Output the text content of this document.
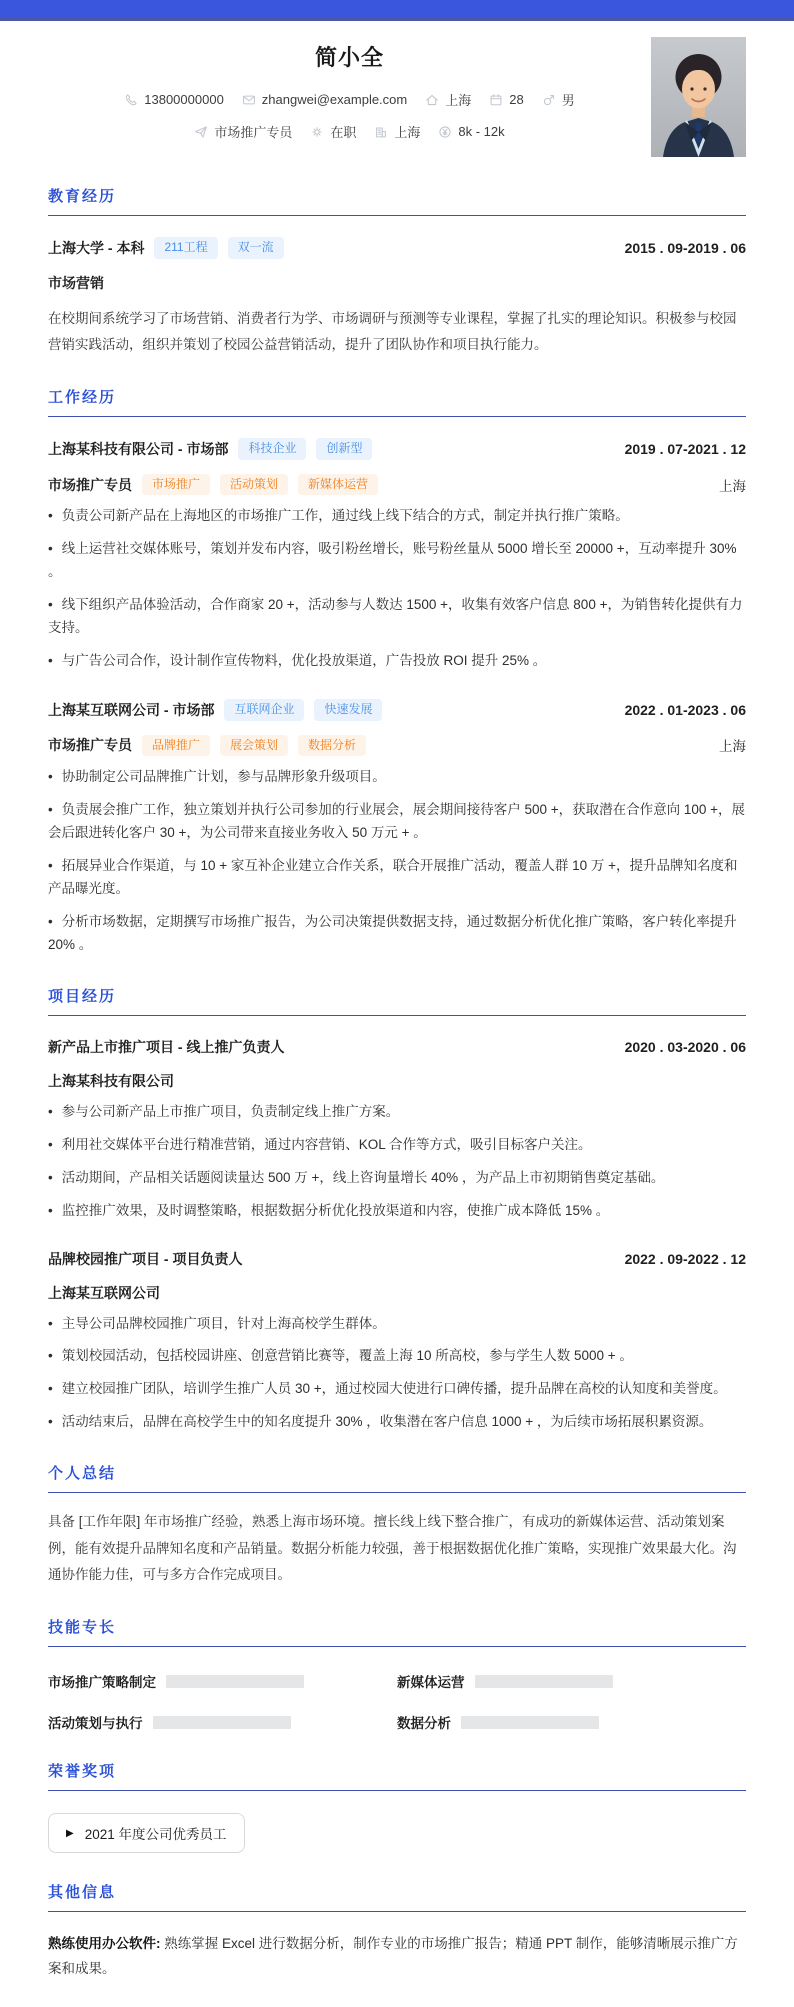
简小全
13800000000	zhangwei@example.com	上海	28	男
市场推广专员	在职	上海	8k - 12k
教育经历
上海大学 - 本科	211工程	双一流	2015 . 09-2019 . 06
市场营销
在校期间系统学习了市场营销、消费者行为学、市场调研与预测等专业课程，掌握了扎实的理论知识。积极参与校园营销实践活动，组织并策划了校园公益营销活动，提升了团队协作和项目执行能力。
工作经历
上海某科技有限公司 - 市场部	科技企业	创新型	2019 . 07-2021 . 12
市场推广专员	市场推广	活动策划	新媒体运营	上海
• 负责公司新产品在上海地区的市场推广工作，通过线上线下结合的方式，制定并执行推广策略。
• 线上运营社交媒体账号，策划并发布内容，吸引粉丝增长，账号粉丝量从 5000 增长至 20000 +，互动率提升 30% 。
• 线下组织产品体验活动，合作商家 20 +，活动参与人数达 1500 +，收集有效客户信息 800 +，为销售转化提供有力支持。
• 与广告公司合作，设计制作宣传物料，优化投放渠道，广告投放 ROI 提升 25% 。
上海某互联网公司 - 市场部	互联网企业	快速发展	2022 . 01-2023 . 06
市场推广专员	品牌推广	展会策划	数据分析	上海
• 协助制定公司品牌推广计划，参与品牌形象升级项目。
• 负责展会推广工作，独立策划并执行公司参加的行业展会，展会期间接待客户 500 +，获取潜在合作意向 100 +，展会后跟进转化客户 30 +，为公司带来直接业务收入 50 万元 + 。
• 拓展异业合作渠道，与 10 + 家互补企业建立合作关系，联合开展推广活动，覆盖人群 10 万 +，提升品牌知名度和产品曝光度。
• 分析市场数据，定期撰写市场推广报告，为公司决策提供数据支持，通过数据分析优化推广策略，客户转化率提升 20% 。
项目经历
新产品上市推广项目 - 线上推广负责人	2020 . 03-2020 . 06
上海某科技有限公司
• 参与公司新产品上市推广项目，负责制定线上推广方案。
• 利用社交媒体平台进行精准营销，通过内容营销、KOL 合作等方式，吸引目标客户关注。
• 活动期间，产品相关话题阅读量达 500 万 +，线上咨询量增长 40% ，为产品上市初期销售奠定基础。
• 监控推广效果，及时调整策略，根据数据分析优化投放渠道和内容，使推广成本降低 15% 。
品牌校园推广项目 - 项目负责人	2022 . 09-2022 . 12
上海某互联网公司
• 主导公司品牌校园推广项目，针对上海高校学生群体。
• 策划校园活动，包括校园讲座、创意营销比赛等，覆盖上海 10 所高校，参与学生人数 5000 + 。
• 建立校园推广团队，培训学生推广人员 30 +，通过校园大使进行口碑传播，提升品牌在高校的认知度和美誉度。
• 活动结束后，品牌在高校学生中的知名度提升 30% ，收集潜在客户信息 1000 + ，为后续市场拓展积累资源。
个人总结
具备 [工作年限] 年市场推广经验，熟悉上海市场环境。擅长线上线下整合推广，有成功的新媒体运营、活动策划案例，能有效提升品牌知名度和产品销量。数据分析能力较强，善于根据数据优化推广策略，实现推广效果最大化。沟通协作能力佳，可与多方合作完成项目。
技能专长
市场推广策略制定	新媒体运营
活动策划与执行	数据分析
荣誉奖项
▶ 2021 年度公司优秀员工
其他信息
熟练使用办公软件: 熟练掌握 Excel 进行数据分析，制作专业的市场推广报告；精通 PPT 制作，能够清晰展示推广方案和成果。
